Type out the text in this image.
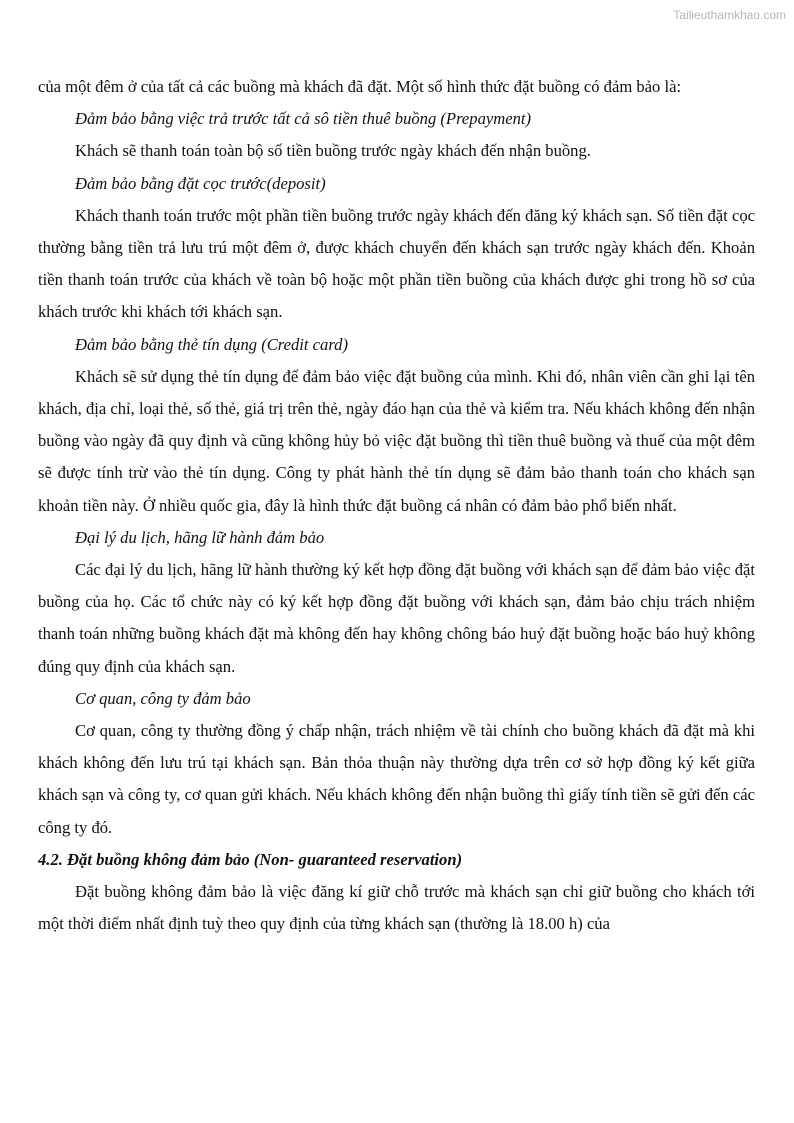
Tailieuthamkhao.com

của một đêm ở của tất cả các buồng mà khách đã đặt. Một số hình thức đặt buồng có đảm bảo là:

Đảm bảo bằng việc trả trước tất cả sô tiền thuê buồng (Prepayment)

Khách sẽ thanh toán toàn bộ số tiền buồng trước ngày khách đến nhận buồng.

Đảm bảo bằng đặt cọc trước(deposit)

Khách thanh toán trước một phần tiền buồng trước ngày khách đến đăng ký khách sạn. Số tiền đặt cọc thường bằng tiền trả lưu trú một đêm ở, được khách chuyển đến khách sạn trước ngày khách đến. Khoản tiền thanh toán trước của khách về toàn bộ hoặc một phần tiền buồng của khách được ghi trong hồ sơ của khách trước khi khách tới khách sạn.

Đảm bảo bằng thẻ tín dụng (Credit card)

Khách sẽ sử dụng thẻ tín dụng để đảm bảo việc đặt buồng của mình. Khi đó, nhân viên cần ghi lại tên khách, địa chỉ, loại thẻ, số thẻ, giá trị trên thẻ, ngày đáo hạn của thẻ và kiểm tra. Nếu khách không đến nhận buồng vào ngày đã quy định và cũng không hủy bỏ việc đặt buồng thì tiền thuê buồng và thuế của một đêm sẽ được tính trừ vào thẻ tín dụng. Công ty phát hành thẻ tín dụng sẽ đảm bảo thanh toán cho khách sạn khoản tiền này. Ở nhiều quốc gia, đây là hình thức đặt buồng cá nhân có đảm bảo phổ biến nhất.

Đại lý du lịch, hãng lữ hành đảm bảo

Các đại lý du lịch, hãng lữ hành thường ký kết hợp đồng đặt buồng với khách sạn để đảm bảo việc đặt buồng của họ. Các tổ chức này có ký kết hợp đồng đặt buồng với khách sạn, đảm bảo chịu trách nhiệm thanh toán những buồng khách đặt mà không đến hay không chông báo huỷ đặt buồng hoặc báo huỷ không đúng quy định của khách sạn.

Cơ quan, công ty đảm bảo

Cơ quan, công ty thường đồng ý chấp nhận, trách nhiệm về tài chính cho buồng khách đã đặt mà khi khách không đến lưu trú tại khách sạn. Bản thỏa thuận này thường dựa trên cơ sở hợp đồng ký kết giữa khách sạn và công ty, cơ quan gửi khách. Nếu khách không đến nhận buồng thì giấy tính tiền sẽ gửi đến các công ty đó.

4.2. Đặt buồng không đảm bảo (Non- guaranteed reservation)

Đặt buồng không đảm bảo là việc đăng kí giữ chỗ trước mà khách sạn chỉ giữ buồng cho khách tới một thời điểm nhất định tuỳ theo quy định của từng khách sạn (thường là 18.00 h) của
